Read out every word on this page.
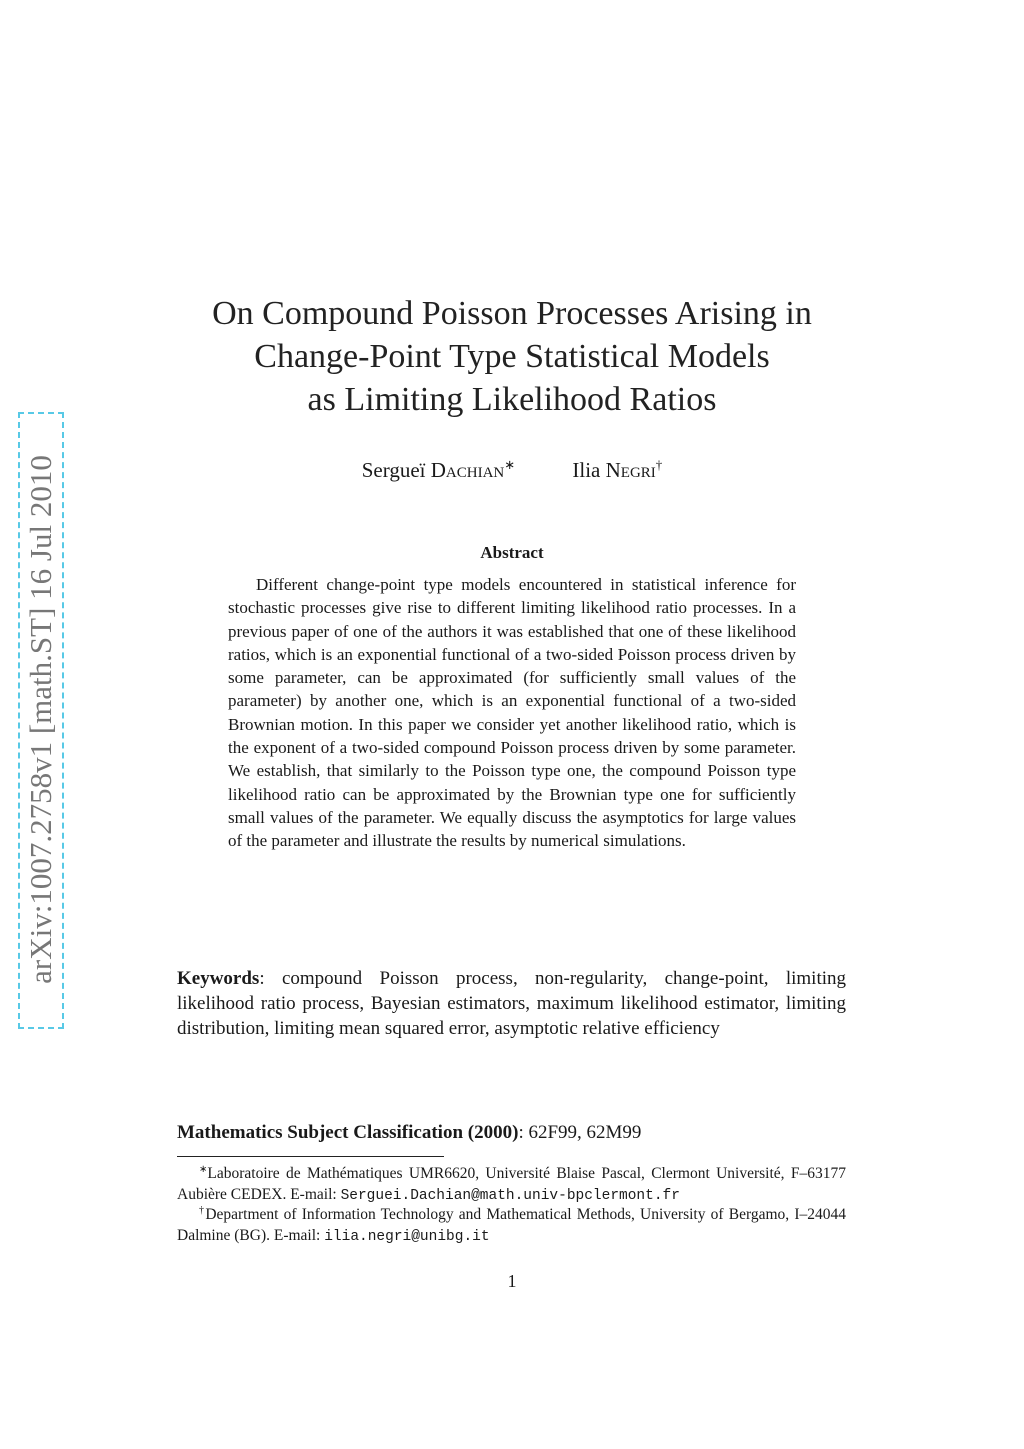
arXiv:1007.2758v1 [math.ST] 16 Jul 2010
On Compound Poisson Processes Arising in
Change-Point Type Statistical Models
as Limiting Likelihood Ratios
Sergueï Dachian∗	Ilia Negri†
Abstract
Different change-point type models encountered in statistical inference for stochastic processes give rise to different limiting likelihood ratio processes. In a previous paper of one of the authors it was established that one of these likelihood ratios, which is an exponential functional of a two-sided Poisson process driven by some parameter, can be approximated (for sufficiently small values of the parameter) by another one, which is an exponential functional of a two-sided Brownian motion. In this paper we consider yet another likelihood ratio, which is the exponent of a two-sided compound Poisson process driven by some parameter. We establish, that similarly to the Poisson type one, the compound Poisson type likelihood ratio can be approximated by the Brownian type one for sufficiently small values of the parameter. We equally discuss the asymptotics for large values of the parameter and illustrate the results by numerical simulations.
Keywords: compound Poisson process, non-regularity, change-point, limiting likelihood ratio process, Bayesian estimators, maximum likelihood estimator, limiting distribution, limiting mean squared error, asymptotic relative efficiency
Mathematics Subject Classification (2000): 62F99, 62M99
∗Laboratoire de Mathématiques UMR6620, Université Blaise Pascal, Clermont Université, F–63177 Aubière CEDEX. E-mail: Serguei.Dachian@math.univ-bpclermont.fr
†Department of Information Technology and Mathematical Methods, University of Bergamo, I–24044 Dalmine (BG). E-mail: ilia.negri@unibg.it
1
